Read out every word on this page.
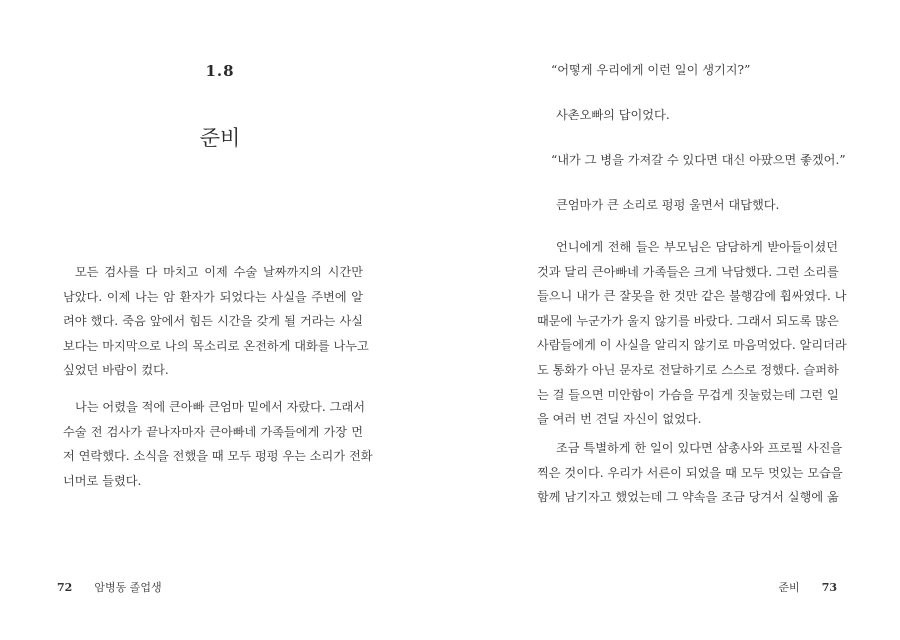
1.8
준비
모든 검사를 다 마치고 이제 수술 날짜까지의 시간만
남았다. 이제 나는 암 환자가 되었다는 사실을 주변에 알
려야 했다. 죽음 앞에서 힘든 시간을 갖게 될 거라는 사실
보다는 마지막으로 나의 목소리로 온전하게 대화를 나누고
싶었던 바람이 컸다.
나는 어렸을 적에 큰아빠 큰엄마 밑에서 자랐다. 그래서
수술 전 검사가 끝나자마자 큰아빠네 가족들에게 가장 먼
저 연락했다. 소식을 전했을 때 모두 펑펑 우는 소리가 전화
너머로 들렸다.
72 암병동 졸업생
“어떻게 우리에게 이런 일이 생기지?”
사촌오빠의 답이었다.
“내가 그 병을 가져갈 수 있다면 대신 아팠으면 좋겠어.”
큰엄마가 큰 소리로 펑펑 울면서 대답했다.
언니에게 전해 들은 부모님은 담담하게 받아들이셨던
것과 달리 큰아빠네 가족들은 크게 낙담했다. 그런 소리를
들으니 내가 큰 잘못을 한 것만 같은 불행감에 휩싸였다. 나
때문에 누군가가 울지 않기를 바랐다. 그래서 되도록 많은
사람들에게 이 사실을 알리지 않기로 마음먹었다. 알리더라
도 통화가 아닌 문자로 전달하기로 스스로 정했다. 슬퍼하
는 걸 들으면 미안함이 가슴을 무겁게 짓눌렀는데 그런 일
을 여러 번 견딜 자신이 없었다.
조금 특별하게 한 일이 있다면 삼총사와 프로필 사진을
찍은 것이다. 우리가 서른이 되었을 때 모두 멋있는 모습을
함께 남기자고 했었는데 그 약속을 조금 당겨서 실행에 옮
준비 73
